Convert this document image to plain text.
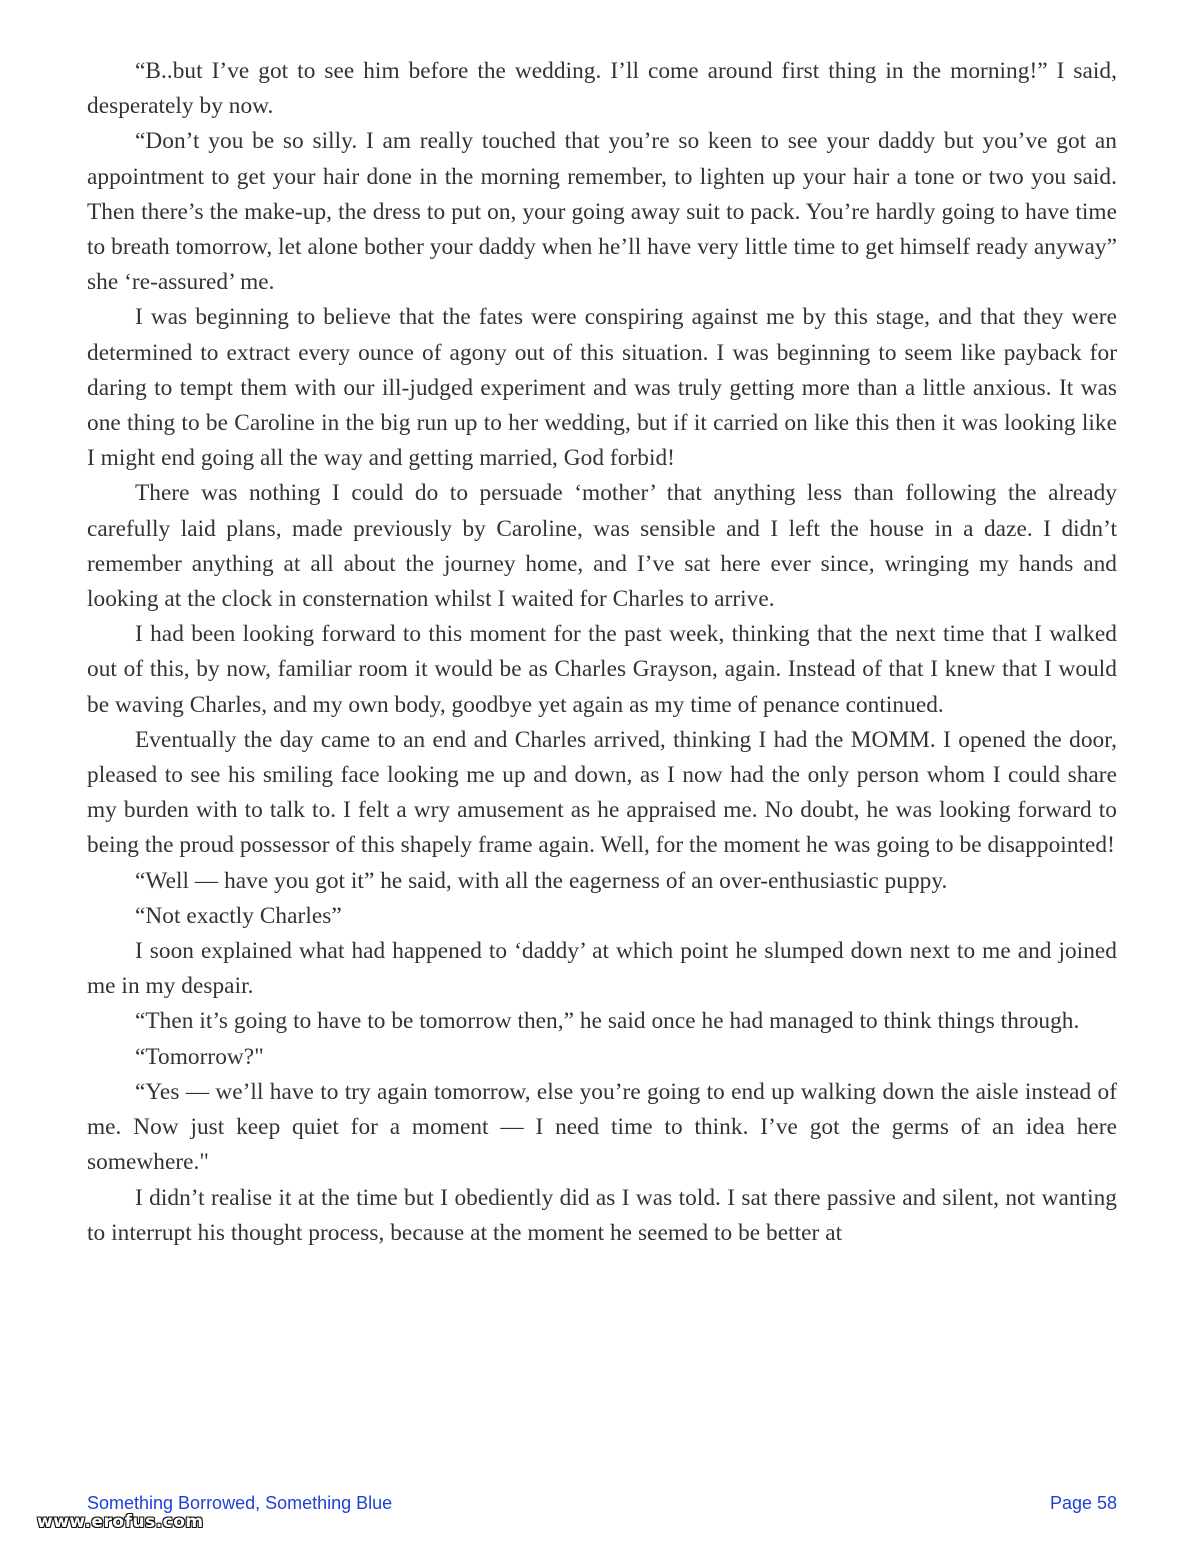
“B..but I’ve got to see him before the wedding. I’ll come around first thing in the morning!” I said, desperately by now.

“Don’t you be so silly. I am really touched that you’re so keen to see your daddy but you’ve got an appointment to get your hair done in the morning remember, to lighten up your hair a tone or two you said. Then there’s the make-up, the dress to put on, your going away suit to pack. You’re hardly going to have time to breath tomorrow, let alone bother your daddy when he’ll have very little time to get himself ready anyway” she ‘re-assured’ me.

I was beginning to believe that the fates were conspiring against me by this stage, and that they were determined to extract every ounce of agony out of this situation. I was beginning to seem like payback for daring to tempt them with our ill-judged experiment and was truly getting more than a little anxious. It was one thing to be Caroline in the big run up to her wedding, but if it carried on like this then it was looking like I might end going all the way and getting married, God forbid!

There was nothing I could do to persuade ‘mother’ that anything less than following the already carefully laid plans, made previously by Caroline, was sensible and I left the house in a daze. I didn’t remember anything at all about the journey home, and I’ve sat here ever since, wringing my hands and looking at the clock in consternation whilst I waited for Charles to arrive.

I had been looking forward to this moment for the past week, thinking that the next time that I walked out of this, by now, familiar room it would be as Charles Grayson, again. Instead of that I knew that I would be waving Charles, and my own body, goodbye yet again as my time of penance continued.

Eventually the day came to an end and Charles arrived, thinking I had the MOMM. I opened the door, pleased to see his smiling face looking me up and down, as I now had the only person whom I could share my burden with to talk to. I felt a wry amusement as he appraised me. No doubt, he was looking forward to being the proud possessor of this shapely frame again. Well, for the moment he was going to be disappointed!

“Well — have you got it” he said, with all the eagerness of an over-enthusiastic puppy.

“Not exactly Charles”

I soon explained what had happened to ‘daddy’ at which point he slumped down next to me and joined me in my despair.

“Then it’s going to have to be tomorrow then,” he said once he had managed to think things through.

“Tomorrow?"

“Yes — we’ll have to try again tomorrow, else you’re going to end up walking down the aisle instead of me. Now just keep quiet for a moment — I need time to think. I’ve got the germs of an idea here somewhere."

I didn’t realise it at the time but I obediently did as I was told. I sat there passive and silent, not wanting to interrupt his thought process, because at the moment he seemed to be better at

Something Borrowed, Something Blue	Page 58
www.erofus.com
